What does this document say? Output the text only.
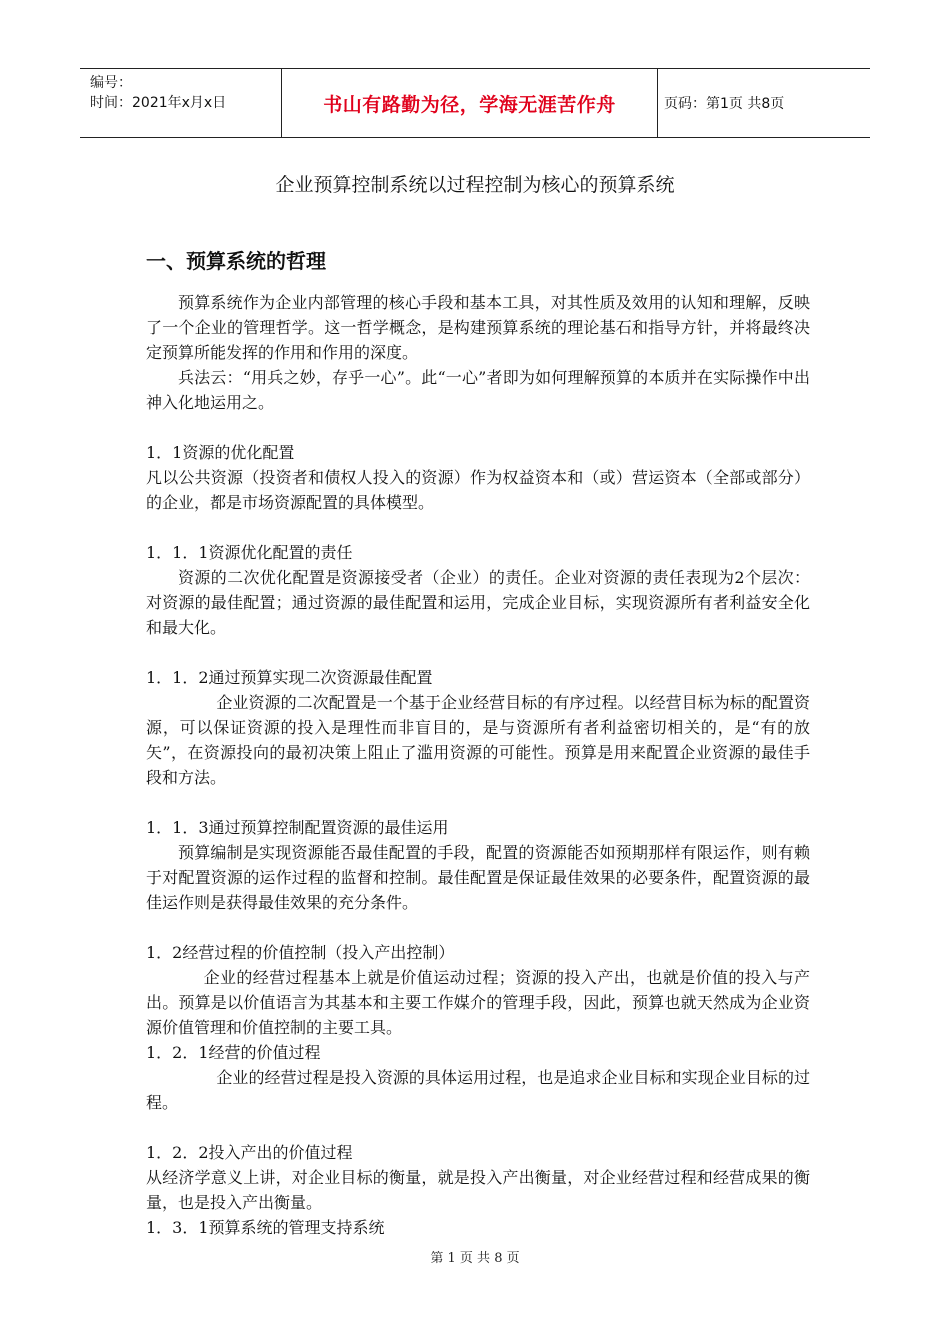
编号：
时间：2021年x月x日	书山有路勤为径，学海无涯苦作舟	页码：第1页 共8页
企业预算控制系统以过程控制为核心的预算系统
一、预算系统的哲理

预算系统作为企业内部管理的核心手段和基本工具，对其性质及效用的认知和理解，反映了一个企业的管理哲学。这一哲学概念，是构建预算系统的理论基石和指导方针，并将最终决定预算所能发挥的作用和作用的深度。

兵法云：“用兵之妙，存乎一心”。此“一心”者即为如何理解预算的本质并在实际操作中出神入化地运用之。

1．1资源的优化配置

凡以公共资源（投资者和债权人投入的资源）作为权益资本和（或）营运资本（全部或部分）的企业，都是市场资源配置的具体模型。

1．1．1资源优化配置的责任

资源的二次优化配置是资源接受者（企业）的责任。企业对资源的责任表现为2个层次：对资源的最佳配置；通过资源的最佳配置和运用，完成企业目标，实现资源所有者利益安全化和最大化。

1．1．2通过预算实现二次资源最佳配置

企业资源的二次配置是一个基于企业经营目标的有序过程。以经营目标为标的配置资源，可以保证资源的投入是理性而非盲目的，是与资源所有者利益密切相关的，是“有的放矢”，在资源投向的最初决策上阻止了滥用资源的可能性。预算是用来配置企业资源的最佳手段和方法。

1．1．3通过预算控制配置资源的最佳运用

预算编制是实现资源能否最佳配置的手段，配置的资源能否如预期那样有限运作，则有赖于对配置资源的运作过程的监督和控制。最佳配置是保证最佳效果的必要条件，配置资源的最佳运作则是获得最佳效果的充分条件。

1．2经营过程的价值控制（投入产出控制）

企业的经营过程基本上就是价值运动过程；资源的投入产出，也就是价值的投入与产出。预算是以价值语言为其基本和主要工作媒介的管理手段，因此，预算也就天然成为企业资源价值管理和价值控制的主要工具。

1．2．1经营的价值过程

企业的经营过程是投入资源的具体运用过程，也是追求企业目标和实现企业目标的过程。

1．2．2投入产出的价值过程

从经济学意义上讲，对企业目标的衡量，就是投入产出衡量，对企业经营过程和经营成果的衡量，也是投入产出衡量。

1．3．1预算系统的管理支持系统

第 1 页 共 8 页
